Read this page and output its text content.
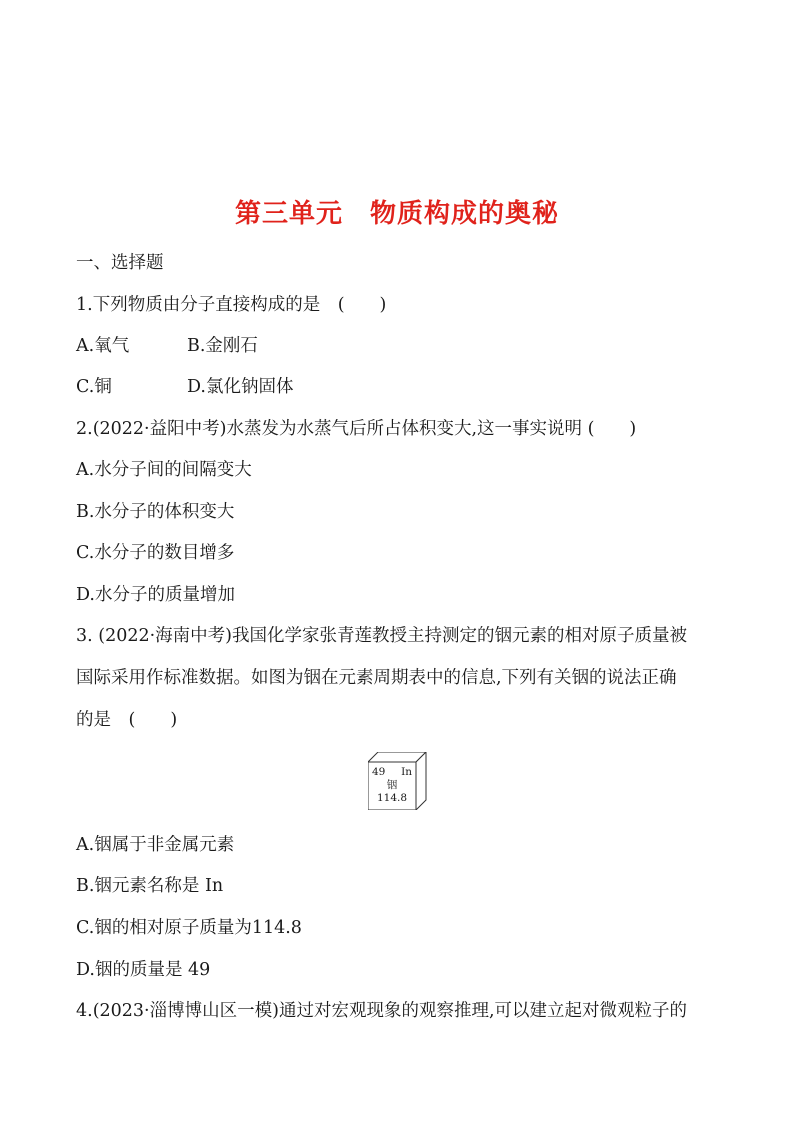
第三单元　物质构成的奥秘
一、选择题
1.下列物质由分子直接构成的是　(　　)
A.氧气	B.金刚石
C.铜	D.氯化钠固体
2.(2022·益阳中考)水蒸发为水蒸气后所占体积变大,这一事实说明 (　　)
A.水分子间的间隔变大
B.水分子的体积变大
C.水分子的数目增多
D.水分子的质量增加
3. (2022·海南中考)我国化学家张青莲教授主持测定的铟元素的相对原子质量被
国际采用作标准数据。如图为铟在元素周期表中的信息,下列有关铟的说法正确
的是　(　　)
49 In
铟
114.8
A.铟属于非金属元素
B.铟元素名称是 In
C.铟的相对原子质量为114.8
D.铟的质量是 49
4.(2023·淄博博山区一模)通过对宏观现象的观察推理,可以建立起对微观粒子的
